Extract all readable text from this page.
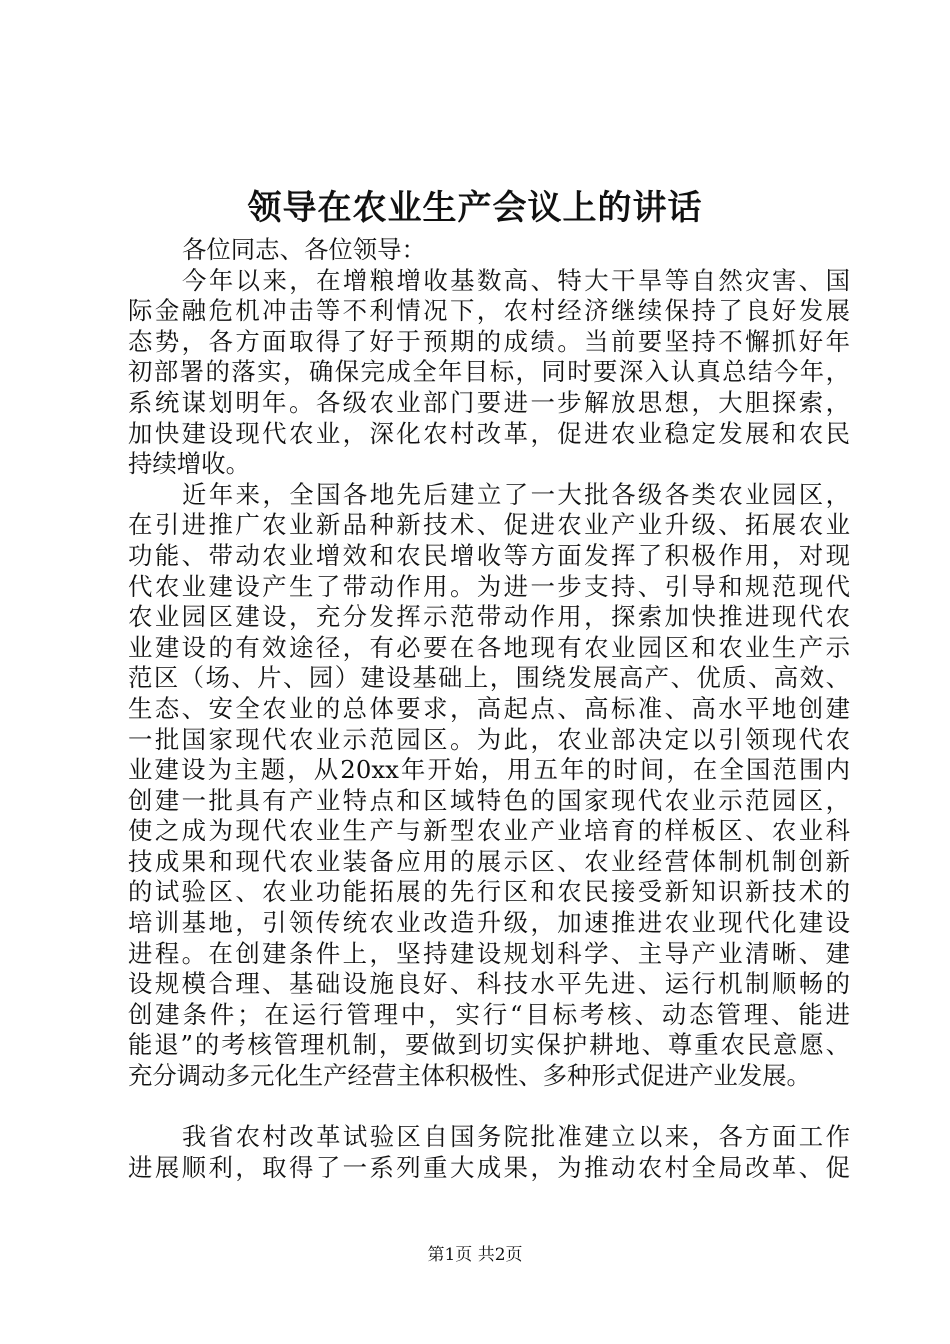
领导在农业生产会议上的讲话
各位同志、各位领导：
今年以来，在增粮增收基数高、特大干旱等自然灾害、国
际金融危机冲击等不利情况下，农村经济继续保持了良好发展
态势，各方面取得了好于预期的成绩。当前要坚持不懈抓好年
初部署的落实，确保完成全年目标，同时要深入认真总结今年，
系统谋划明年。各级农业部门要进一步解放思想，大胆探索，
加快建设现代农业，深化农村改革，促进农业稳定发展和农民
持续增收。
近年来，全国各地先后建立了一大批各级各类农业园区，
在引进推广农业新品种新技术、促进农业产业升级、拓展农业
功能、带动农业增效和农民增收等方面发挥了积极作用，对现
代农业建设产生了带动作用。为进一步支持、引导和规范现代
农业园区建设，充分发挥示范带动作用，探索加快推进现代农
业建设的有效途径，有必要在各地现有农业园区和农业生产示
范区（场、片、园）建设基础上，围绕发展高产、优质、高效、
生态、安全农业的总体要求，高起点、高标准、高水平地创建
一批国家现代农业示范园区。为此，农业部决定以引领现代农
业建设为主题，从20xx年开始，用五年的时间，在全国范围内
创建一批具有产业特点和区域特色的国家现代农业示范园区，
使之成为现代农业生产与新型农业产业培育的样板区、农业科
技成果和现代农业装备应用的展示区、农业经营体制机制创新
的试验区、农业功能拓展的先行区和农民接受新知识新技术的
培训基地，引领传统农业改造升级，加速推进农业现代化建设
进程。在创建条件上，坚持建设规划科学、主导产业清晰、建
设规模合理、基础设施良好、科技水平先进、运行机制顺畅的
创建条件；在运行管理中，实行“目标考核、动态管理、能进
能退”的考核管理机制，要做到切实保护耕地、尊重农民意愿、
充分调动多元化生产经营主体积极性、多种形式促进产业发展。
我省农村改革试验区自国务院批准建立以来，各方面工作
进展顺利，取得了一系列重大成果，为推动农村全局改革、促
第1页 共2页
